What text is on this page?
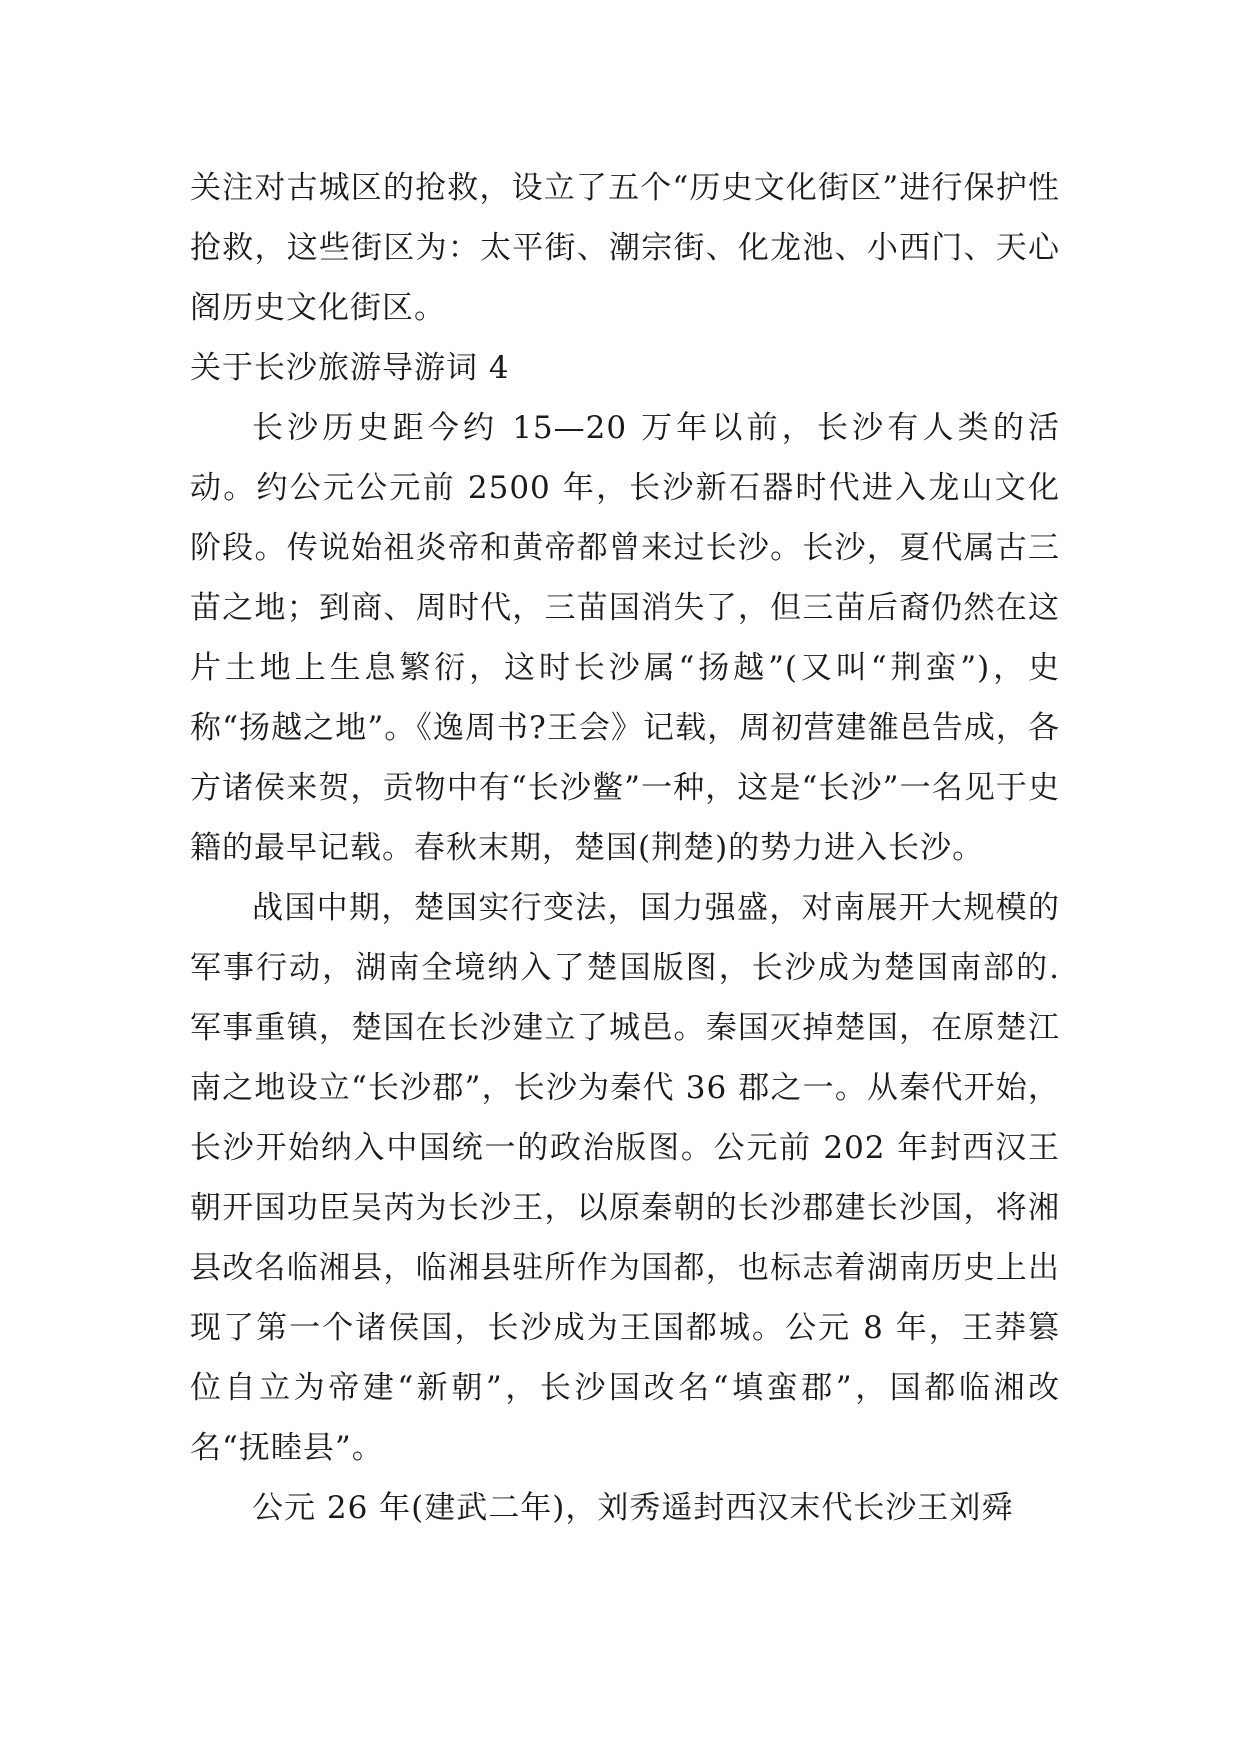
关注对古城区的抢救，设立了五个“历史文化街区”进行保护性抢救，这些街区为：太平街、潮宗街、化龙池、小西门、天心阁历史文化街区。

关于长沙旅游导游词 4

长沙历史距今约 15—20 万年以前，长沙有人类的活动。约公元公元前 2500 年，长沙新石器时代进入龙山文化阶段。传说始祖炎帝和黄帝都曾来过长沙。长沙，夏代属古三苗之地；到商、周时代，三苗国消失了，但三苗后裔仍然在这片土地上生息繁衍，这时长沙属“扬越”(又叫“荆蛮”)，史称“扬越之地”。《逸周书?王会》记载，周初营建雒邑告成，各方诸侯来贺，贡物中有“长沙鳖”一种，这是“长沙”一名见于史籍的最早记载。春秋末期，楚国(荆楚)的势力进入长沙。

战国中期，楚国实行变法，国力强盛，对南展开大规模的军事行动，湖南全境纳入了楚国版图，长沙成为楚国南部的.军事重镇，楚国在长沙建立了城邑。秦国灭掉楚国，在原楚江南之地设立“长沙郡”，长沙为秦代 36 郡之一。从秦代开始，长沙开始纳入中国统一的政治版图。公元前 202 年封西汉王朝开国功臣吴芮为长沙王，以原秦朝的长沙郡建长沙国，将湘县改名临湘县，临湘县驻所作为国都，也标志着湖南历史上出现了第一个诸侯国，长沙成为王国都城。公元 8 年，王莽篡位自立为帝建“新朝”，长沙国改名“填蛮郡”，国都临湘改名“抚睦县”。

公元 26 年(建武二年)，刘秀遥封西汉末代长沙王刘舜
